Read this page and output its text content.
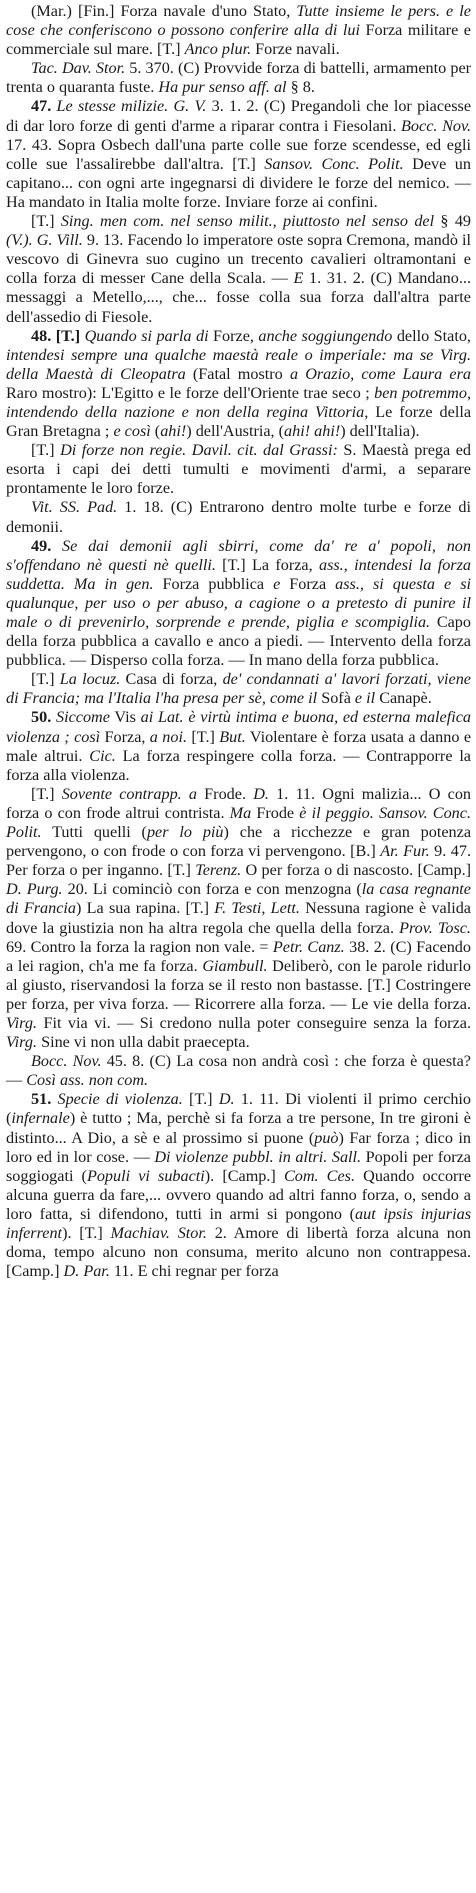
(Mar.) [Fin.] Forza navale d'uno Stato, Tutte insieme le pers. e le cose che conferiscono o possono conferire alla di lui Forza militare e commerciale sul mare. [T.] Anco plur. Forze navali.

Tac. Dav. Stor. 5. 370. (C) Provvide forza di battelli, armamento per trenta o quaranta fuste. Ha pur senso aff. al § 8.

47. Le stesse milizie. G. V. 3. 1. 2. (C) Pregandoli che lor piacesse di dar loro forze di genti d'arme a riparar contra i Fiesolani. Bocc. Nov. 17. 43. Sopra Osbech dall'una parte colle sue forze scendesse, ed egli colle sue l'assalirebbe dall'altra. [T.] Sansov. Conc. Polit. Deve un capitano... con ogni arte ingegnarsi di dividere le forze del nemico. — Ha mandato in Italia molte forze. Inviare forze ai confini.

[T.] Sing. men com. nel senso milit., piuttosto nel senso del § 49 (V.). G. Vill. 9. 13. Facendo lo imperatore oste sopra Cremona, mandò il vescovo di Ginevra suo cugino un trecento cavalieri oltramontani e colla forza di messer Cane della Scala. — E 1. 31. 2. (C) Mandano... messaggi a Metello,..., che... fosse colla sua forza dall'altra parte dell'assedio di Fiesole.

48. [T.] Quando si parla di Forze, anche soggiungendo dello Stato, intendesi sempre una qualche maestà reale o imperiale: ma se Virg. della Maestà di Cleopatra (Fatal mostro a Orazio, come Laura era Raro mostro): L'Egitto e le forze dell'Oriente trae seco ; ben potremmo, intendendo della nazione e non della regina Vittoria, Le forze della Gran Bretagna ; e così (ahi!) dell'Austria, (ahi! ahi!) dell'Italia).

[T.] Di forze non regie. Davil. cit. dal Grassi: S. Maestà prega ed esorta i capi dei detti tumulti e movimenti d'armi, a separare prontamente le loro forze.

Vit. SS. Pad. 1. 18. (C) Entrarono dentro molte turbe e forze di demonii.

49. Se dai demonii agli sbirri, come da' re a' popoli, non s'offendano nè questi nè quelli. [T.] La forza, ass., intendesi la forza suddetta. Ma in gen. Forza pubblica e Forza ass., si questa e si qualunque, per uso o per abuso, a cagione o a pretesto di punire il male o di prevenirlo, sorprende e prende, piglia e scompiglia. Capo della forza pubblica a cavallo e anco a piedi. — Intervento della forza pubblica. — Disperso colla forza. — In mano della forza pubblica.

[T.] La locuz. Casa di forza, de' condannati a' lavori forzati, viene di Francia; ma l'Italia l'ha presa per sè, come il Sofà e il Canapè.

50. Siccome Vis ai Lat. è virtù intima e buona, ed esterna malefica violenza ; così Forza, a noi. [T.] But. Violentare è forza usata a danno e male altrui. Cic. La forza respingere colla forza. — Contrapporre la forza alla violenza.

[T.] Sovente contrapp. a Frode. D. 1. 11. Ogni malizia... O con forza o con frode altrui contrista. Ma Frode è il peggio. Sansov. Conc. Polit. Tutti quelli (per lo più) che a ricchezze e gran potenza pervengono, o con frode o con forza vi pervengono. [B.] Ar. Fur. 9. 47. Per forza o per inganno. [T.] Terenz. O per forza o di nascosto. [Camp.] D. Purg. 20. Li cominciò con forza e con menzogna (la casa regnante di Francia) La sua rapina. [T.] F. Testi, Lett. Nessuna ragione è valida dove la giustizia non ha altra regola che quella della forza. Prov. Tosc. 69. Contro la forza la ragion non vale. = Petr. Canz. 38. 2. (C) Facendo a lei ragion, ch'a me fa forza. Giambull. Deliberò, con le parole ridurlo al giusto, riservandosi la forza se il resto non bastasse. [T.] Costringere per forza, per viva forza. — Ricorrere alla forza. — Le vie della forza. Virg. Fit via vi. — Si credono nulla poter conseguire senza la forza. Virg. Sine vi non ulla dabit praecepta.

Bocc. Nov. 45. 8. (C) La cosa non andrà così : che forza è questa? — Così ass. non com.

51. Specie di violenza. [T.] D. 1. 11. Di violenti il primo cerchio (infernale) è tutto ; Ma, perchè si fa forza a tre persone, In tre gironi è distinto... A Dio, a sè e al prossimo si puone (può) Far forza ; dico in loro ed in lor cose. — Di violenze pubbl. in altri. Sall. Popoli per forza soggiogati (Populi vi subacti). [Camp.] Com. Ces. Quando occorre alcuna guerra da fare,... ovvero quando ad altri fanno forza, o, sendo a loro fatta, si difendono, tutti in armi si pongono (aut ipsis injurias inferrent). [T.] Machiav. Stor. 2. Amore di libertà forza alcuna non doma, tempo alcuno non consuma, merito alcuno non contrappesa. [Camp.] D. Par. 11. E chi regnar per forza
